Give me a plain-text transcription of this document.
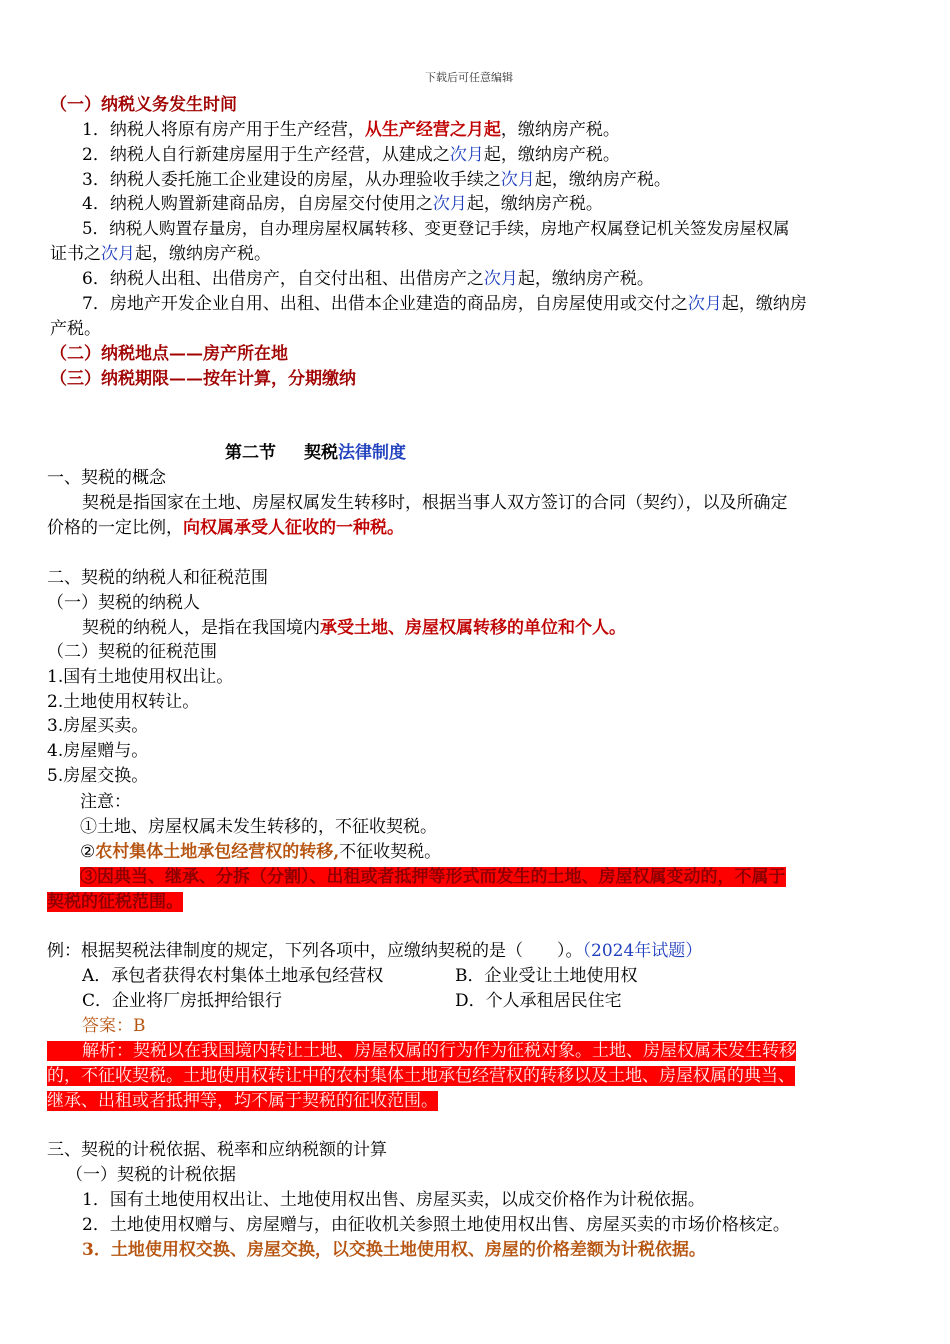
下载后可任意编辑
（一）纳税义务发生时间
1．纳税人将原有房产用于生产经营，从生产经营之月起，缴纳房产税。
2．纳税人自行新建房屋用于生产经营，从建成之次月起，缴纳房产税。
3．纳税人委托施工企业建设的房屋，从办理验收手续之次月起，缴纳房产税。
4．纳税人购置新建商品房，自房屋交付使用之次月起，缴纳房产税。
5．纳税人购置存量房，自办理房屋权属转移、变更登记手续，房地产权属登记机关签发房屋权属
证书之次月起，缴纳房产税。
6．纳税人出租、出借房产，自交付出租、出借房产之次月起，缴纳房产税。
7．房地产开发企业自用、出租、出借本企业建造的商品房，自房屋使用或交付之次月起，缴纳房
产税。
（二）纳税地点——房产所在地
（三）纳税期限——按年计算，分期缴纳
第二节 契税法律制度
一、契税的概念
契税是指国家在土地、房屋权属发生转移时，根据当事人双方签订的合同（契约），以及所确定
价格的一定比例，向权属承受人征收的一种税。
二、契税的纳税人和征税范围
（一）契税的纳税人
契税的纳税人，是指在我国境内承受土地、房屋权属转移的单位和个人。
（二）契税的征税范围
1.国有土地使用权出让。
2.土地使用权转让。
3.房屋买卖。
4.房屋赠与。
5.房屋交换。
注意：
①土地、房屋权属未发生转移的，不征收契税。
②农村集体土地承包经营权的转移,不征收契税。
③因典当、继承、分拆（分割）、出租或者抵押等形式而发生的土地、房屋权属变动的，不属于
契税的征税范围。
例：根据契税法律制度的规定，下列各项中，应缴纳契税的是（　　）。（2024年试题）
A．承包者获得农村集体土地承包经营权	B．企业受让土地使用权
C．企业将厂房抵押给银行	D．个人承租居民住宅
答案：B
解析：契税以在我国境内转让土地、房屋权属的行为作为征税对象。土地、房屋权属未发生转移
的，不征收契税。土地使用权转让中的农村集体土地承包经营权的转移以及土地、房屋权属的典当、
继承、出租或者抵押等，均不属于契税的征收范围。
三、契税的计税依据、税率和应纳税额的计算
（一）契税的计税依据
1．国有土地使用权出让、土地使用权出售、房屋买卖，以成交价格作为计税依据。
2．土地使用权赠与、房屋赠与，由征收机关参照土地使用权出售、房屋买卖的市场价格核定。
3．土地使用权交换、房屋交换，以交换土地使用权、房屋的价格差额为计税依据。
